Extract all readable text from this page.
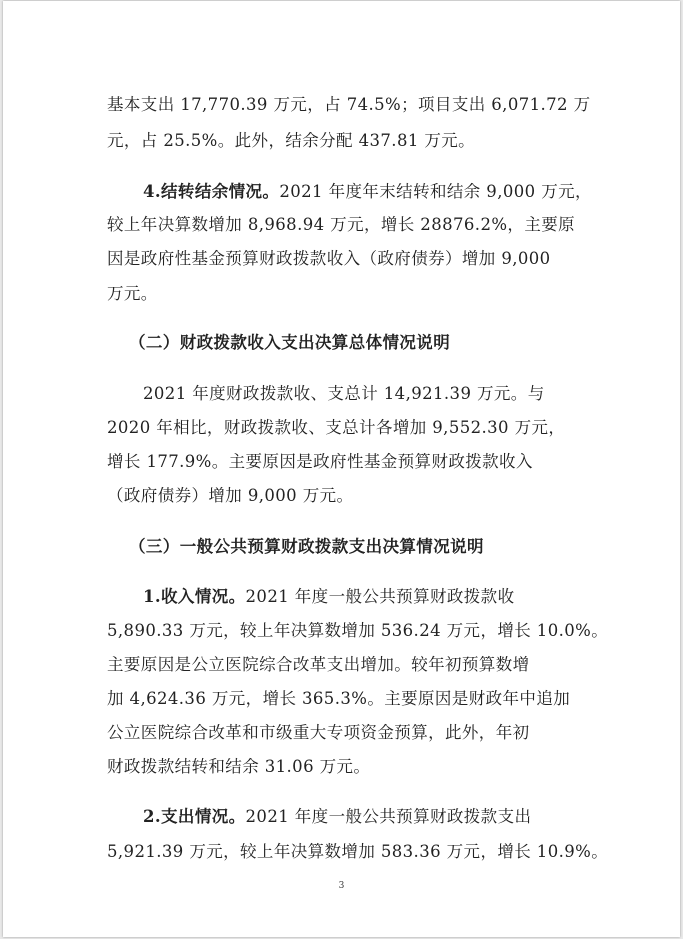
基本支出 17,770.39 万元，占 74.5%；项目支出 6,071.72 万
元，占 25.5%。此外，结余分配 437.81 万元。
4.结转结余情况。2021 年度年末结转和结余 9,000 万元，
较上年决算数增加 8,968.94 万元，增长 28876.2%，主要原
因是政府性基金预算财政拨款收入（政府债券）增加 9,000
万元。
（二）财政拨款收入支出决算总体情况说明
2021 年度财政拨款收、支总计 14,921.39 万元。与
2020 年相比，财政拨款收、支总计各增加 9,552.30 万元，
增长 177.9%。主要原因是政府性基金预算财政拨款收入
（政府债券）增加 9,000 万元。
（三）一般公共预算财政拨款支出决算情况说明
1.收入情况。2021 年度一般公共预算财政拨款收
5,890.33 万元，较上年决算数增加 536.24 万元，增长 10.0%。
主要原因是公立医院综合改革支出增加。较年初预算数增
加 4,624.36 万元，增长 365.3%。主要原因是财政年中追加
公立医院综合改革和市级重大专项资金预算，此外，年初
财政拨款结转和结余 31.06 万元。
2.支出情况。2021 年度一般公共预算财政拨款支出
5,921.39 万元，较上年决算数增加 583.36 万元，增长 10.9%。
3
